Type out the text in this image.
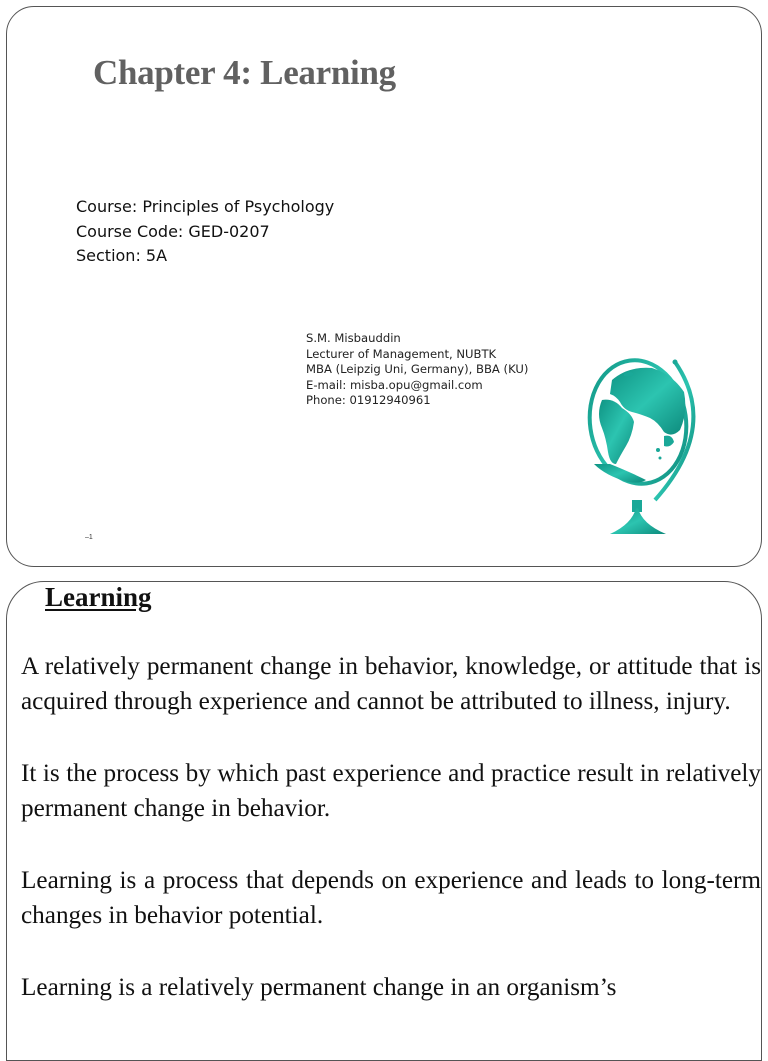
Chapter 4: Learning
Course: Principles of Psychology
Course Code: GED-0207
Section: 5A
S.M. Misbauddin
Lecturer of Management, NUBTK
MBA (Leipzig Uni, Germany), BBA (KU)
E-mail: misba.opu@gmail.com
Phone: 01912940961
–1
Learning

A relatively permanent change in behavior, knowledge, or attitude that is acquired through experience and cannot be attributed to illness, injury.

It is the process by which past experience and practice result in relatively permanent change in behavior.

Learning is a process that depends on experience and leads to long-term changes in behavior potential.

Learning is a relatively permanent change in an organism’s
